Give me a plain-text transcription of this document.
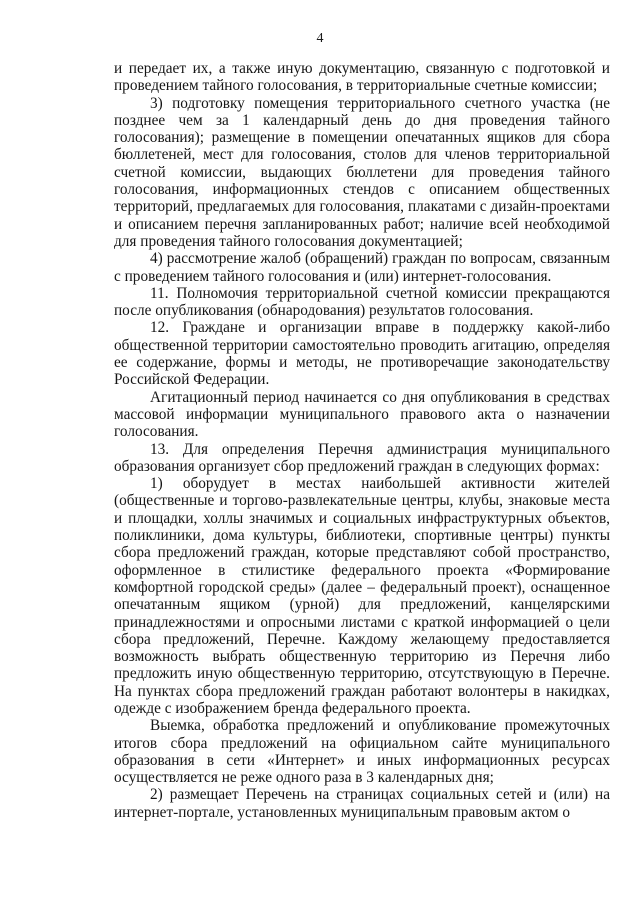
4

и передает их, а также иную документацию, связанную с подготовкой и проведением тайного голосования, в территориальные счетные комиссии;

3) подготовку помещения территориального счетного участка (не позднее чем за 1 календарный день до дня проведения тайного голосования); размещение в помещении опечатанных ящиков для сбора бюллетеней, мест для голосования, столов для членов территориальной счетной комиссии, выдающих бюллетени для проведения тайного голосования, информационных стендов с описанием общественных территорий, предлагаемых для голосования, плакатами с дизайн-проектами и описанием перечня запланированных работ; наличие всей необходимой для проведения тайного голосования документацией;

4) рассмотрение жалоб (обращений) граждан по вопросам, связанным с проведением тайного голосования и (или) интернет-голосования.

11. Полномочия территориальной счетной комиссии прекращаются после опубликования (обнародования) результатов голосования.

12. Граждане и организации вправе в поддержку какой-либо общественной территории самостоятельно проводить агитацию, определяя ее содержание, формы и методы, не противоречащие законодательству Российской Федерации.

Агитационный период начинается со дня опубликования в средствах массовой информации муниципального правового акта о назначении голосования.

13. Для определения Перечня администрация муниципального образования организует сбор предложений граждан в следующих формах:

1) оборудует в местах наибольшей активности жителей (общественные и торгово-развлекательные центры, клубы, знаковые места и площадки, холлы значимых и социальных инфраструктурных объектов, поликлиники, дома культуры, библиотеки, спортивные центры) пункты сбора предложений граждан, которые представляют собой пространство, оформленное в стилистике федерального проекта «Формирование комфортной городской среды» (далее – федеральный проект), оснащенное опечатанным ящиком (урной) для предложений, канцелярскими принадлежностями и опросными листами с краткой информацией о цели сбора предложений, Перечне. Каждому желающему предоставляется возможность выбрать общественную территорию из Перечня либо предложить иную общественную территорию, отсутствующую в Перечне. На пунктах сбора предложений граждан работают волонтеры в накидках, одежде с изображением бренда федерального проекта.

Выемка, обработка предложений и опубликование промежуточных итогов сбора предложений на официальном сайте муниципального образования в сети «Интернет» и иных информационных ресурсах осуществляется не реже одного раза в 3 календарных дня;

2) размещает Перечень на страницах социальных сетей и (или) на интернет-портале, установленных муниципальным правовым актом о
